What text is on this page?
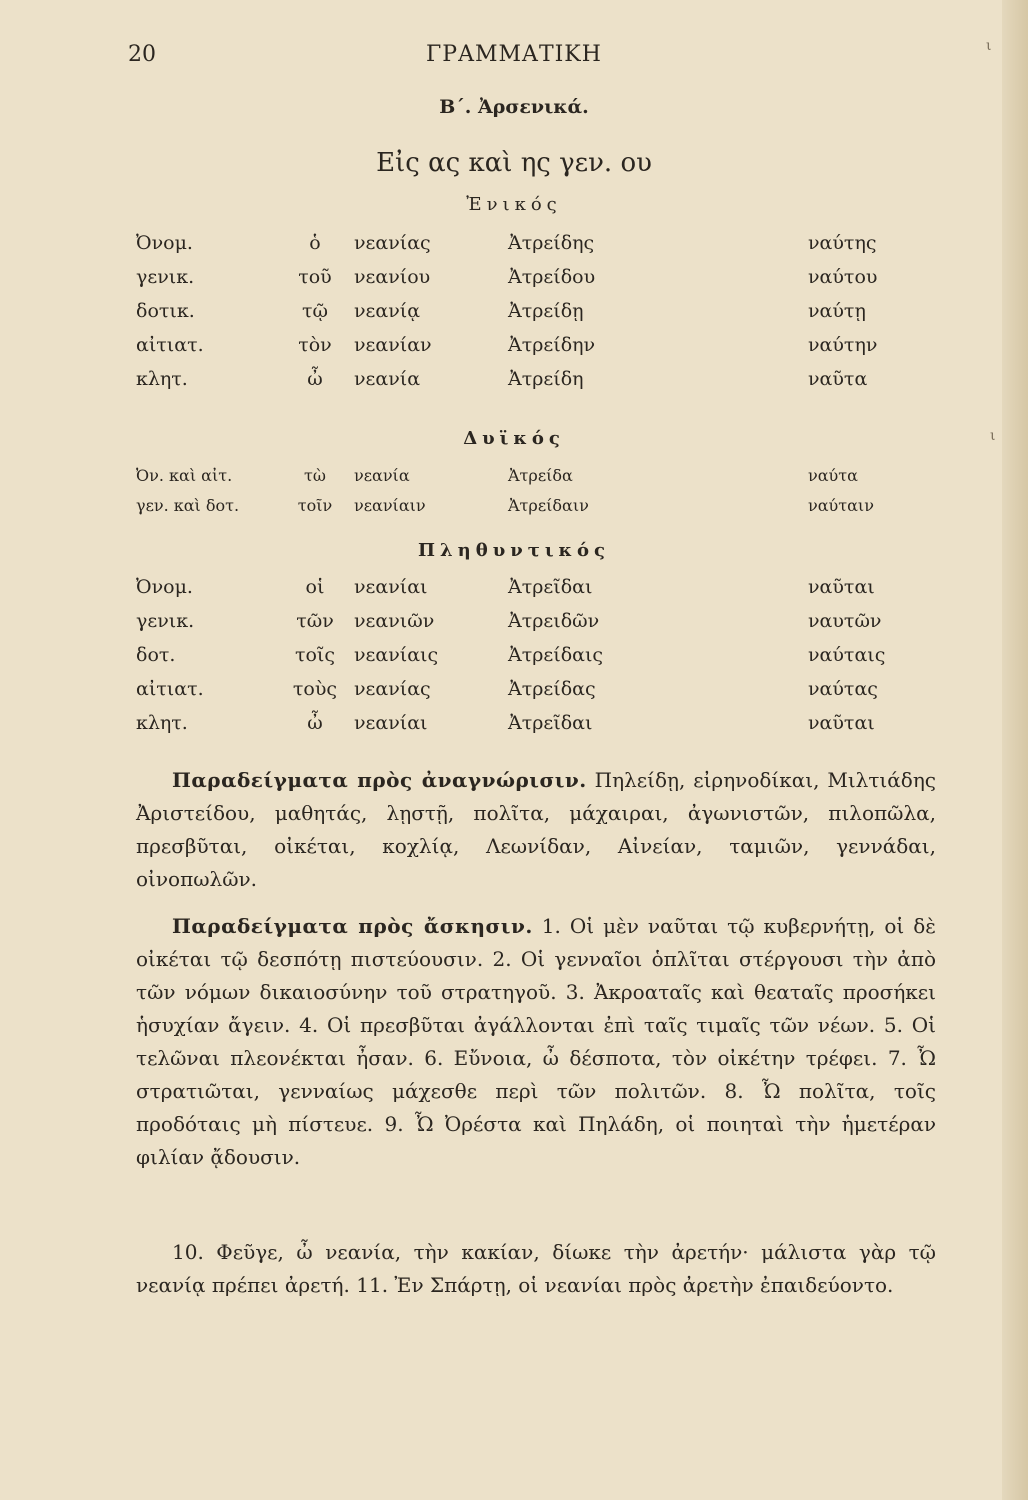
20	ΓΡΑΜΜΑΤΙΚΗ
Β΄. Ἀρσενικά.
Εἰς ας καὶ ης γεν. ου
Ἐνικός
Ὀνομ.	ὁ νεανίας	Ἀτρείδης	ναύτης
γενικ.	τοῦ νεανίου	Ἀτρείδου	ναύτου
δοτικ.	τῷ νεανίᾳ	Ἀτρείδῃ	ναύτῃ
αἰτιατ.	τὸν νεανίαν	Ἀτρείδην	ναύτην
κλητ.	ὦ νεανία	Ἀτρείδη	ναῦτα
Δυϊκός
Ὀν. καὶ αἰτ.	τὼ νεανία	Ἀτρείδα	ναύτα
γεν. καὶ δοτ.	τοῖν νεανίαιν	Ἀτρείδαιν	ναύταιν
Πληθυντικός
Ὀνομ.	οἱ νεανίαι	Ἀτρεῖδαι	ναῦται
γενικ.	τῶν νεανιῶν	Ἀτρειδῶν	ναυτῶν
δοτ.	τοῖς νεανίαις	Ἀτρείδαις	ναύταις
αἰτιατ.	τοὺς νεανίας	Ἀτρείδας	ναύτας
κλητ.	ὦ νεανίαι	Ἀτρεῖδαι	ναῦται

Παραδείγματα πρὸς ἀναγνώρισιν. Πηλείδῃ, εἰρηνοδίκαι, Μιλτιάδης Ἀριστείδου, μαθητάς, λῃστῇ, πολῖτα, μάχαιραι, ἀγωνιστῶν, πιλοπῶλα, πρεσβῦται, οἰκέται, κοχλίᾳ, Λεωνίδαν, Αἰνείαν, ταμιῶν, γεννάδαι, οἰνοπωλῶν.

Παραδείγματα πρὸς ἄσκησιν. 1. Οἱ μὲν ναῦται τῷ κυβερνήτῃ, οἱ δὲ οἰκέται τῷ δεσπότῃ πιστεύουσιν. 2. Οἱ γενναῖοι ὁπλῖται στέργουσι τὴν ἀπὸ τῶν νόμων δικαιοσύνην τοῦ στρατηγοῦ. 3. Ἀκροαταῖς καὶ θεαταῖς προσήκει ἡσυχίαν ἄγειν. 4. Οἱ πρεσβῦται ἀγάλλονται ἐπὶ ταῖς τιμαῖς τῶν νέων. 5. Οἱ τελῶναι πλεονέκται ἦσαν. 6. Εὔνοια, ὦ δέσποτα, τὸν οἰκέτην τρέφει. 7. Ὦ στρατιῶται, γενναίως μάχεσθε περὶ τῶν πολιτῶν. 8. Ὦ πολῖτα, τοῖς προδόταις μὴ πίστευε. 9. Ὦ Ὀρέστα καὶ Πηλάδη, οἱ ποιηταὶ τὴν ἡμετέραν φιλίαν ᾄδουσιν.

10. Φεῦγε, ὦ νεανία, τὴν κακίαν, δίωκε τὴν ἀρετήν· μάλιστα γὰρ τῷ νεανίᾳ πρέπει ἀρετή. 11. Ἐν Σπάρτῃ, οἱ νεανίαι πρὸς ἀρετὴν ἐπαιδεύοντο.

ι
ι
